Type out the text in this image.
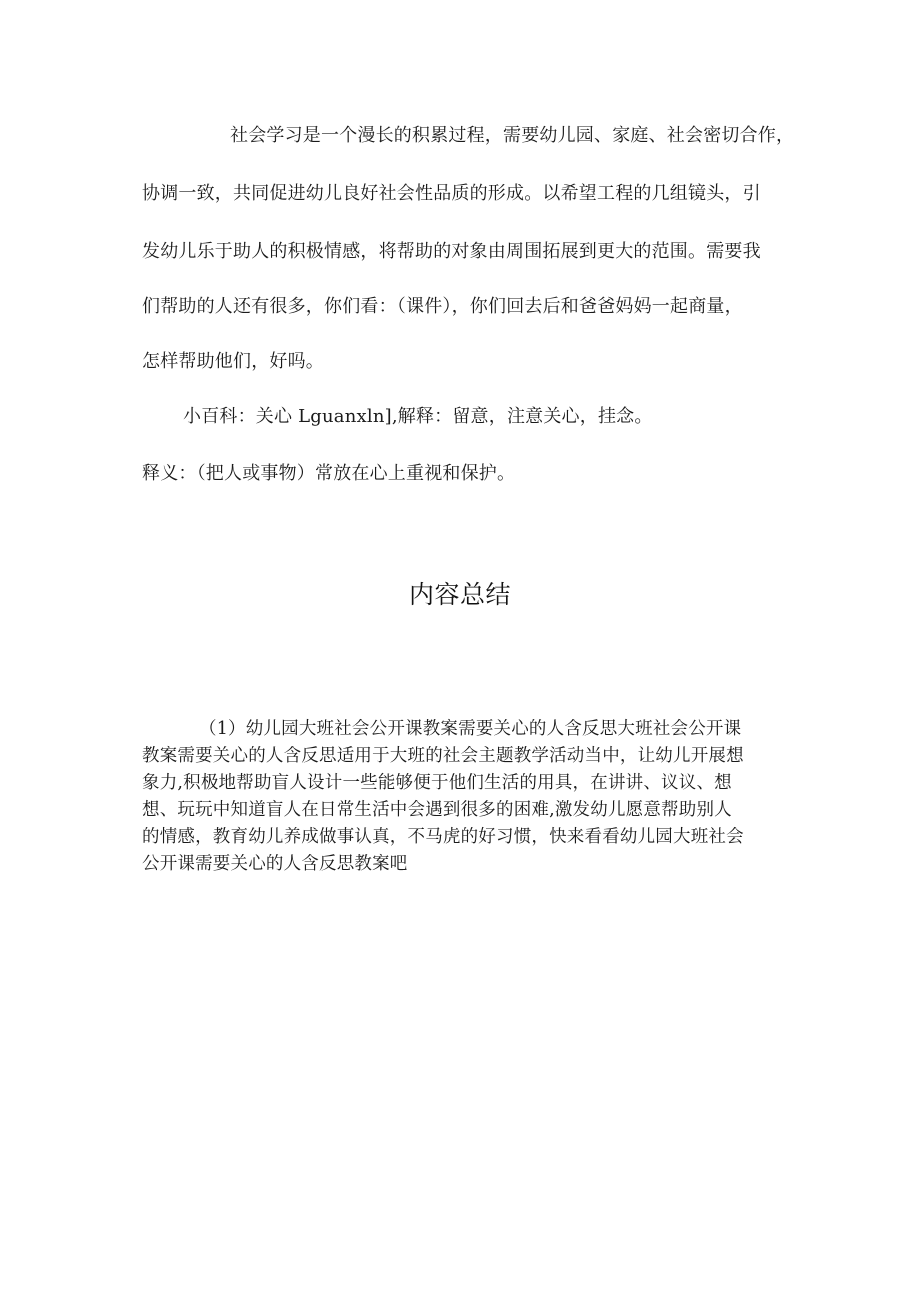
社会学习是一个漫长的积累过程，需要幼儿园、家庭、社会密切合作，
协调一致，共同促进幼儿良好社会性品质的形成。以希望工程的几组镜头，引
发幼儿乐于助人的积极情感，将帮助的对象由周围拓展到更大的范围。需要我
们帮助的人还有很多，你们看：（课件），你们回去后和爸爸妈妈一起商量，
怎样帮助他们，好吗。
小百科：关心 Lguanxln],解释：留意，注意关心，挂念。
释义：（把人或事物）常放在心上重视和保护。
内容总结
（1）幼儿园大班社会公开课教案需要关心的人含反思大班社会公开课
教案需要关心的人含反思适用于大班的社会主题教学活动当中，让幼儿开展想
象力,积极地帮助盲人设计一些能够便于他们生活的用具，在讲讲、议议、想
想、玩玩中知道盲人在日常生活中会遇到很多的困难,激发幼儿愿意帮助别人
的情感，教育幼儿养成做事认真，不马虎的好习惯，快来看看幼儿园大班社会
公开课需要关心的人含反思教案吧
